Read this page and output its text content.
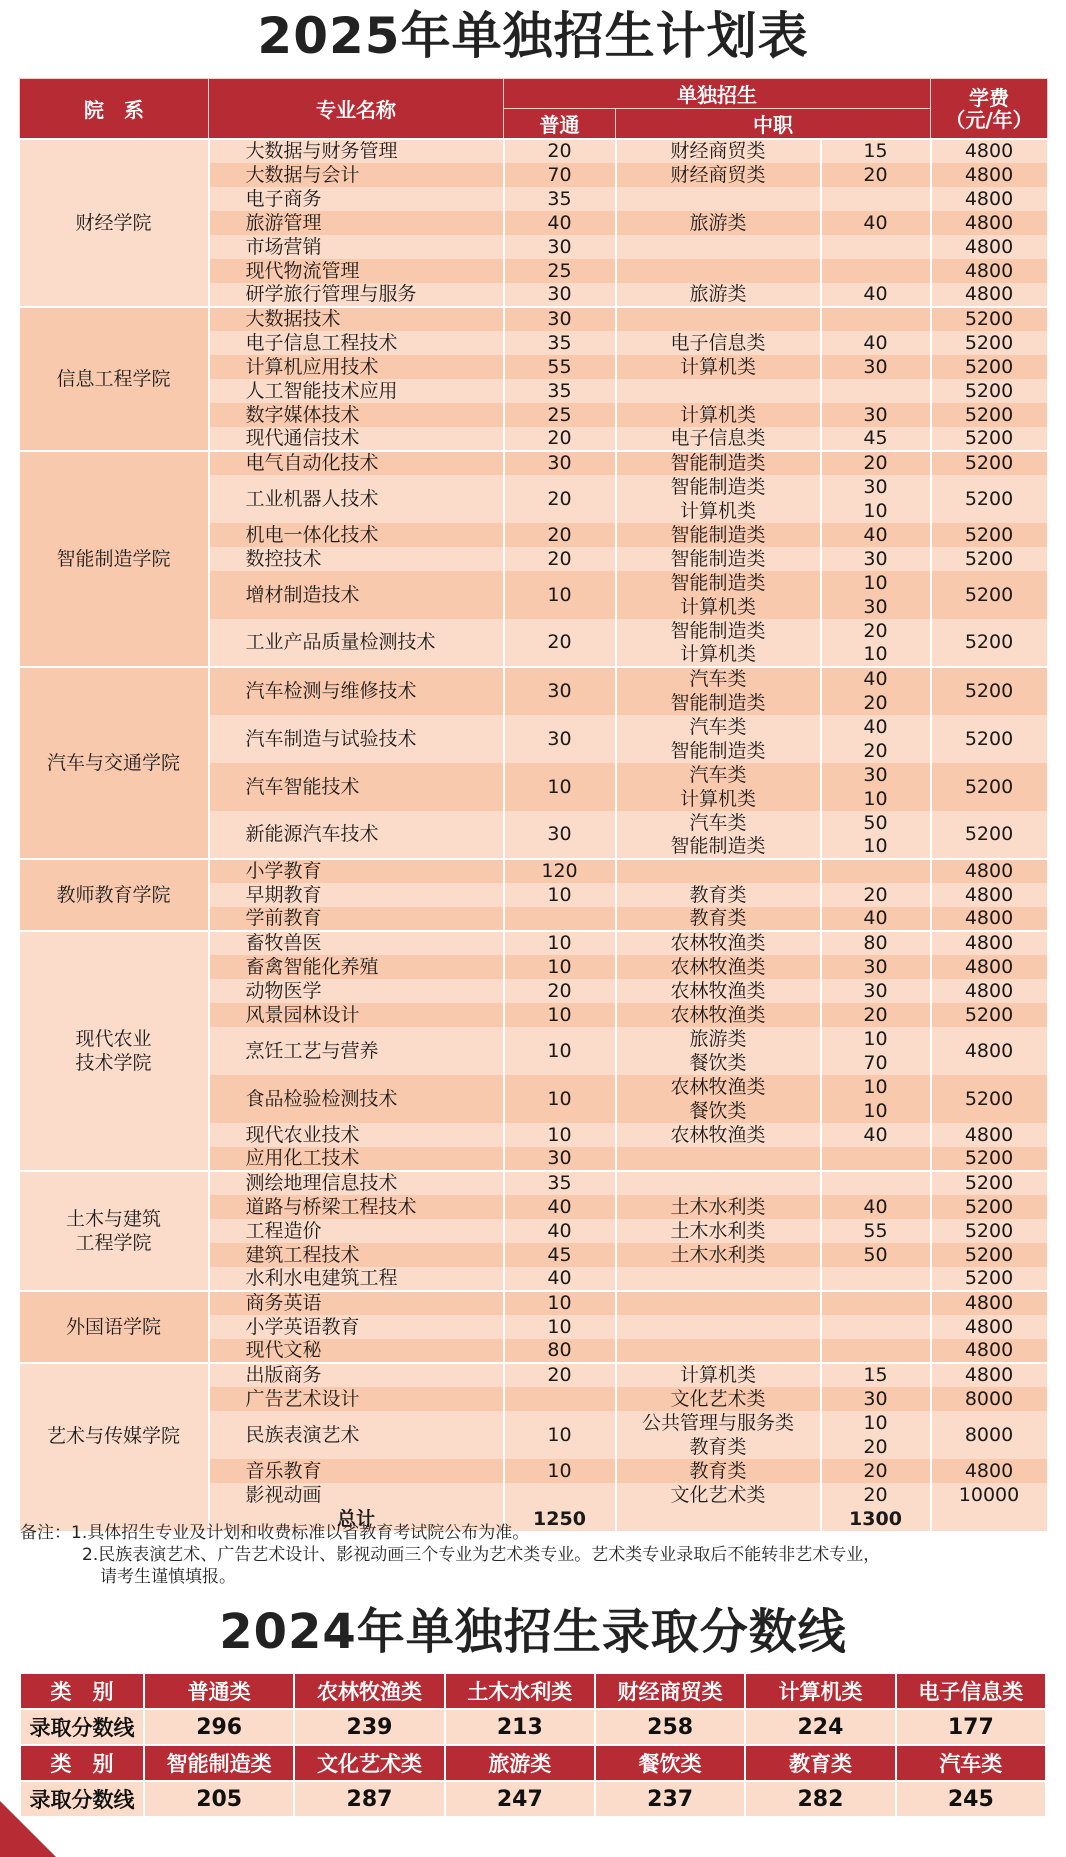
2025年单独招生计划表
院　系	专业名称	单独招生			学费
（元/年）
		普通	中职		
财经学院	大数据与财务管理	20	财经商贸类	15	4800
	大数据与会计	70	财经商贸类	20	4800
	电子商务	35			4800
	旅游管理	40	旅游类	40	4800
	市场营销	30			4800
	现代物流管理	25			4800
	研学旅行管理与服务	30	旅游类	40	4800
信息工程学院	大数据技术	30			5200
	电子信息工程技术	35	电子信息类	40	5200
	计算机应用技术	55	计算机类	30	5200
	人工智能技术应用	35			5200
	数字媒体技术	25	计算机类	30	5200
	现代通信技术	20	电子信息类	45	5200
智能制造学院	电气自动化技术	30	智能制造类	20	5200
	工业机器人技术	20	智能制造类	30	5200
			计算机类	10	
	机电一体化技术	20	智能制造类	40	5200
	数控技术	20	智能制造类	30	5200
	增材制造技术	10	智能制造类	10	5200
			计算机类	30	
	工业产品质量检测技术	20	智能制造类	20	5200
			计算机类	10	
汽车与交通学院	汽车检测与维修技术	30	汽车类	40	5200
			智能制造类	20	
	汽车制造与试验技术	30	汽车类	40	5200
			智能制造类	20	
	汽车智能技术	10	汽车类	30	5200
			计算机类	10	
	新能源汽车技术	30	汽车类	50	5200
			智能制造类	10	
教师教育学院	小学教育	120			4800
	早期教育	10	教育类	20	4800
	学前教育		教育类	40	4800
现代农业
技术学院	畜牧兽医	10	农林牧渔类	80	4800
	畜禽智能化养殖	10	农林牧渔类	30	4800
	动物医学	20	农林牧渔类	30	4800
	风景园林设计	10	农林牧渔类	20	5200
	烹饪工艺与营养	10	旅游类	10	4800
			餐饮类	70	
	食品检验检测技术	10	农林牧渔类	10	5200
			餐饮类	10	
	现代农业技术	10	农林牧渔类	40	4800
	应用化工技术	30			5200
土木与建筑
工程学院	测绘地理信息技术	35			5200
	道路与桥梁工程技术	40	土木水利类	40	5200
	工程造价	40	土木水利类	55	5200
	建筑工程技术	45	土木水利类	50	5200
	水利水电建筑工程	40			5200
外国语学院	商务英语	10			4800
	小学英语教育	10			4800
	现代文秘	80			4800
艺术与传媒学院	出版商务	20	计算机类	15	4800
	广告艺术设计		文化艺术类	30	8000
	民族表演艺术	10	公共管理与服务类	10	8000
			教育类	20	
	音乐教育	10	教育类	20	4800
	影视动画		文化艺术类	20	10000
	总计	1250		1300	
备注：1.具体招生专业及计划和收费标准以省教育考试院公布为准。
2.民族表演艺术、广告艺术设计、影视动画三个专业为艺术类专业。艺术类专业录取后不能转非艺术专业，
请考生谨慎填报。
2024年单独招生录取分数线
类　别	普通类	农林牧渔类	土木水利类	财经商贸类	计算机类	电子信息类
录取分数线	296	239	213	258	224	177
类　别	智能制造类	文化艺术类	旅游类	餐饮类	教育类	汽车类
录取分数线	205	287	247	237	282	245
